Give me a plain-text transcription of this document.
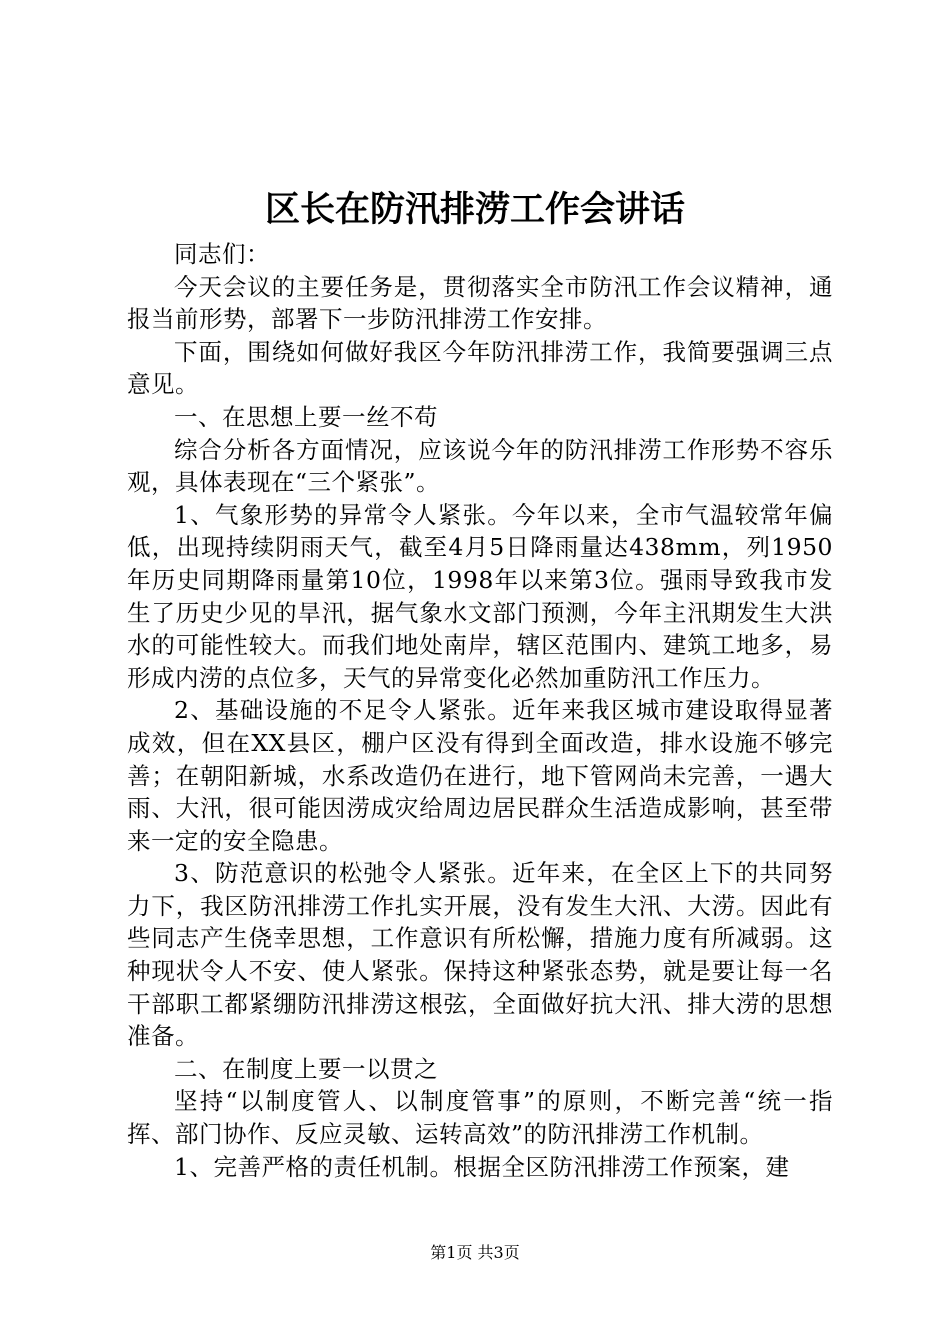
区长在防汛排涝工作会讲话

同志们：

今天会议的主要任务是，贯彻落实全市防汛工作会议精神，通报当前形势，部署下一步防汛排涝工作安排。

下面，围绕如何做好我区今年防汛排涝工作，我简要强调三点意见。

一、在思想上要一丝不苟

综合分析各方面情况，应该说今年的防汛排涝工作形势不容乐观，具体表现在“三个紧张”。

1、气象形势的异常令人紧张。今年以来，全市气温较常年偏低，出现持续阴雨天气，截至4月5日降雨量达438mm，列1950年历史同期降雨量第10位，1998年以来第3位。强雨导致我市发生了历史少见的旱汛，据气象水文部门预测，今年主汛期发生大洪水的可能性较大。而我们地处南岸，辖区范围内、建筑工地多，易形成内涝的点位多，天气的异常变化必然加重防汛工作压力。

2、基础设施的不足令人紧张。近年来我区城市建设取得显著成效，但在XX县区，棚户区没有得到全面改造，排水设施不够完善；在朝阳新城，水系改造仍在进行，地下管网尚未完善，一遇大雨、大汛，很可能因涝成灾给周边居民群众生活造成影响，甚至带来一定的安全隐患。

3、防范意识的松弛令人紧张。近年来，在全区上下的共同努力下，我区防汛排涝工作扎实开展，没有发生大汛、大涝。因此有些同志产生侥幸思想，工作意识有所松懈，措施力度有所减弱。这种现状令人不安、使人紧张。保持这种紧张态势，就是要让每一名干部职工都紧绷防汛排涝这根弦，全面做好抗大汛、排大涝的思想准备。

二、在制度上要一以贯之

坚持“以制度管人、以制度管事”的原则，不断完善“统一指挥、部门协作、反应灵敏、运转高效”的防汛排涝工作机制。

1、完善严格的责任机制。根据全区防汛排涝工作预案，建

第1页 共3页
